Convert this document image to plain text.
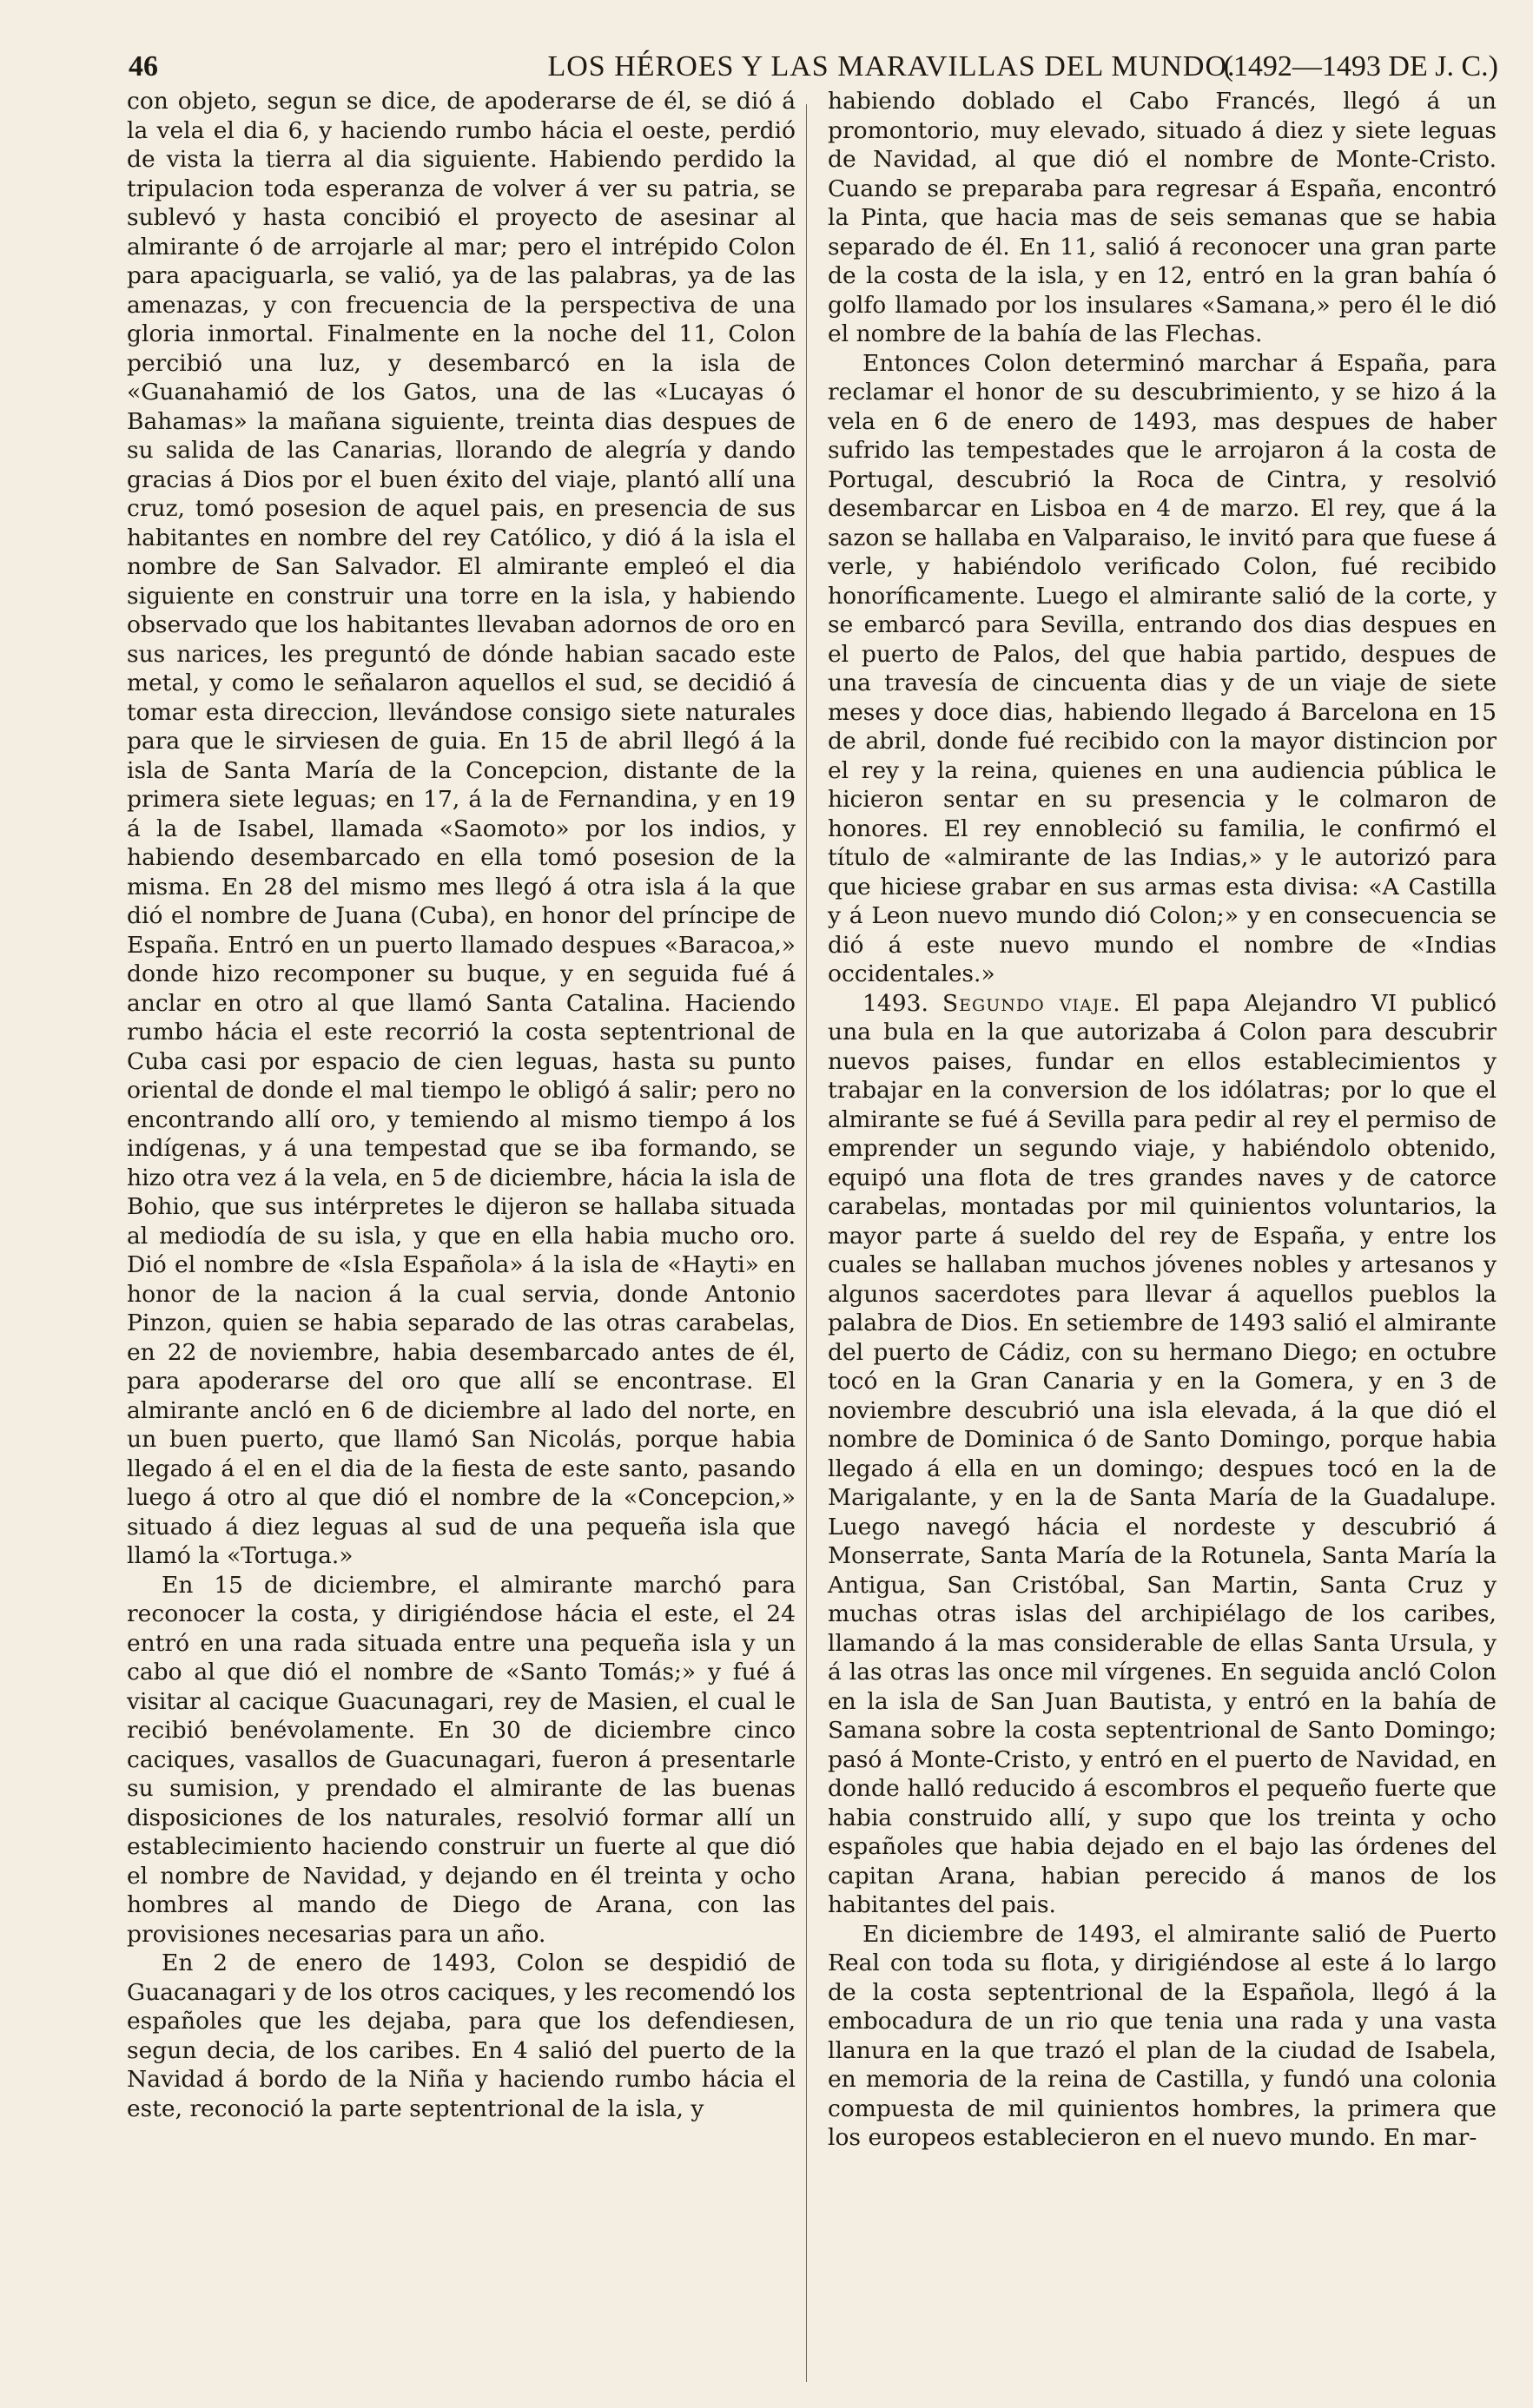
46	LOS HÉROES Y LAS MARAVILLAS DEL MUNDO.
(1492—1493 DE J. C.)

con objeto, segun se dice, de apoderarse de él, se dió á la vela el dia 6, y haciendo rumbo hácia el oeste, perdió de vista la tierra al dia siguiente. Habiendo perdido la tripulacion toda esperanza de volver á ver su patria, se sublevó y hasta concibió el proyecto de asesinar al almirante ó de arrojarle al mar; pero el intrépido Colon para apaciguarla, se valió, ya de las palabras, ya de las amenazas, y con frecuencia de la perspectiva de una gloria inmortal. Finalmente en la noche del 11, Colon percibió una luz, y desembarcó en la isla de «Guanahamió de los Gatos, una de las «Lucayas ó Bahamas» la mañana siguiente, treinta dias despues de su salida de las Canarias, llorando de alegría y dando gracias á Dios por el buen éxito del viaje, plantó allí una cruz, tomó posesion de aquel pais, en presencia de sus habitantes en nombre del rey Católico, y dió á la isla el nombre de San Salvador. El almirante empleó el dia siguiente en construir una torre en la isla, y habiendo observado que los habitantes llevaban adornos de oro en sus narices, les preguntó de dónde habian sacado este metal, y como le señalaron aquellos el sud, se decidió á tomar esta direccion, llevándose consigo siete naturales para que le sirviesen de guia. En 15 de abril llegó á la isla de Santa María de la Concepcion, distante de la primera siete leguas; en 17, á la de Fernandina, y en 19 á la de Isabel, llamada «Saomoto» por los indios, y habiendo desembarcado en ella tomó posesion de la misma. En 28 del mismo mes llegó á otra isla á la que dió el nombre de Juana (Cuba), en honor del príncipe de España. Entró en un puerto llamado despues «Baracoa,» donde hizo recomponer su buque, y en seguida fué á anclar en otro al que llamó Santa Catalina. Haciendo rumbo hácia el este recorrió la costa septentrional de Cuba casi por espacio de cien leguas, hasta su punto oriental de donde el mal tiempo le obligó á salir; pero no encontrando allí oro, y temiendo al mismo tiempo á los indígenas, y á una tempestad que se iba formando, se hizo otra vez á la vela, en 5 de diciembre, hácia la isla de Bohio, que sus intérpretes le dijeron se hallaba situada al mediodía de su isla, y que en ella habia mucho oro. Dió el nombre de «Isla Española» á la isla de «Hayti» en honor de la nacion á la cual servia, donde Antonio Pinzon, quien se habia separado de las otras carabelas, en 22 de noviembre, habia desembarcado antes de él, para apoderarse del oro que allí se encontrase. El almirante ancló en 6 de diciembre al lado del norte, en un buen puerto, que llamó San Nicolás, porque habia llegado á el en el dia de la fiesta de este santo, pasando luego á otro al que dió el nombre de la «Concepcion,» situado á diez leguas al sud de una pequeña isla que llamó la «Tortuga.»

En 15 de diciembre, el almirante marchó para reconocer la costa, y dirigiéndose hácia el este, el 24 entró en una rada situada entre una pequeña isla y un cabo al que dió el nombre de «Santo Tomás;» y fué á visitar al cacique Guacunagari, rey de Masien, el cual le recibió benévolamente. En 30 de diciembre cinco caciques, vasallos de Guacunagari, fueron á presentarle su sumision, y prendado el almirante de las buenas disposiciones de los naturales, resolvió formar allí un establecimiento haciendo construir un fuerte al que dió el nombre de Navidad, y dejando en él treinta y ocho hombres al mando de Diego de Arana, con las provisiones necesarias para un año.

En 2 de enero de 1493, Colon se despidió de Guacanagari y de los otros caciques, y les recomendó los españoles que les dejaba, para que los defendiesen, segun decia, de los caribes. En 4 salió del puerto de la Navidad á bordo de la Niña y haciendo rumbo hácia el este, reconoció la parte septentrional de la isla, y

habiendo doblado el Cabo Francés, llegó á un promontorio, muy elevado, situado á diez y siete leguas de Navidad, al que dió el nombre de Monte-Cristo. Cuando se preparaba para regresar á España, encontró la Pinta, que hacia mas de seis semanas que se habia separado de él. En 11, salió á reconocer una gran parte de la costa de la isla, y en 12, entró en la gran bahía ó golfo llamado por los insulares «Samana,» pero él le dió el nombre de la bahía de las Flechas.

Entonces Colon determinó marchar á España, para reclamar el honor de su descubrimiento, y se hizo á la vela en 6 de enero de 1493, mas despues de haber sufrido las tempestades que le arrojaron á la costa de Portugal, descubrió la Roca de Cintra, y resolvió desembarcar en Lisboa en 4 de marzo. El rey, que á la sazon se hallaba en Valparaiso, le invitó para que fuese á verle, y habiéndolo verificado Colon, fué recibido honoríficamente. Luego el almirante salió de la corte, y se embarcó para Sevilla, entrando dos dias despues en el puerto de Palos, del que habia partido, despues de una travesía de cincuenta dias y de un viaje de siete meses y doce dias, habiendo llegado á Barcelona en 15 de abril, donde fué recibido con la mayor distincion por el rey y la reina, quienes en una audiencia pública le hicieron sentar en su presencia y le colmaron de honores. El rey ennobleció su familia, le confirmó el título de «almirante de las Indias,» y le autorizó para que hiciese grabar en sus armas esta divisa: «A Castilla y á Leon nuevo mundo dió Colon;» y en consecuencia se dió á este nuevo mundo el nombre de «Indias occidentales.»

1493. Segundo viaje. El papa Alejandro VI publicó una bula en la que autorizaba á Colon para descubrir nuevos paises, fundar en ellos establecimientos y trabajar en la conversion de los idólatras; por lo que el almirante se fué á Sevilla para pedir al rey el permiso de emprender un segundo viaje, y habiéndolo obtenido, equipó una flota de tres grandes naves y de catorce carabelas, montadas por mil quinientos voluntarios, la mayor parte á sueldo del rey de España, y entre los cuales se hallaban muchos jóvenes nobles y artesanos y algunos sacerdotes para llevar á aquellos pueblos la palabra de Dios. En setiembre de 1493 salió el almirante del puerto de Cádiz, con su hermano Diego; en octubre tocó en la Gran Canaria y en la Gomera, y en 3 de noviembre descubrió una isla elevada, á la que dió el nombre de Dominica ó de Santo Domingo, porque habia llegado á ella en un domingo; despues tocó en la de Marigalante, y en la de Santa María de la Guadalupe. Luego navegó hácia el nordeste y descubrió á Monserrate, Santa María de la Rotunela, Santa María la Antigua, San Cristóbal, San Martin, Santa Cruz y muchas otras islas del archipiélago de los caribes, llamando á la mas considerable de ellas Santa Ursula, y á las otras las once mil vírgenes. En seguida ancló Colon en la isla de San Juan Bautista, y entró en la bahía de Samana sobre la costa septentrional de Santo Domingo; pasó á Monte-Cristo, y entró en el puerto de Navidad, en donde halló reducido á escombros el pequeño fuerte que habia construido allí, y supo que los treinta y ocho españoles que habia dejado en el bajo las órdenes del capitan Arana, habian perecido á manos de los habitantes del pais.

En diciembre de 1493, el almirante salió de Puerto Real con toda su flota, y dirigiéndose al este á lo largo de la costa septentrional de la Española, llegó á la embocadura de un rio que tenia una rada y una vasta llanura en la que trazó el plan de la ciudad de Isabela, en memoria de la reina de Castilla, y fundó una colonia compuesta de mil quinientos hombres, la primera que los europeos establecieron en el nuevo mundo. En mar-
